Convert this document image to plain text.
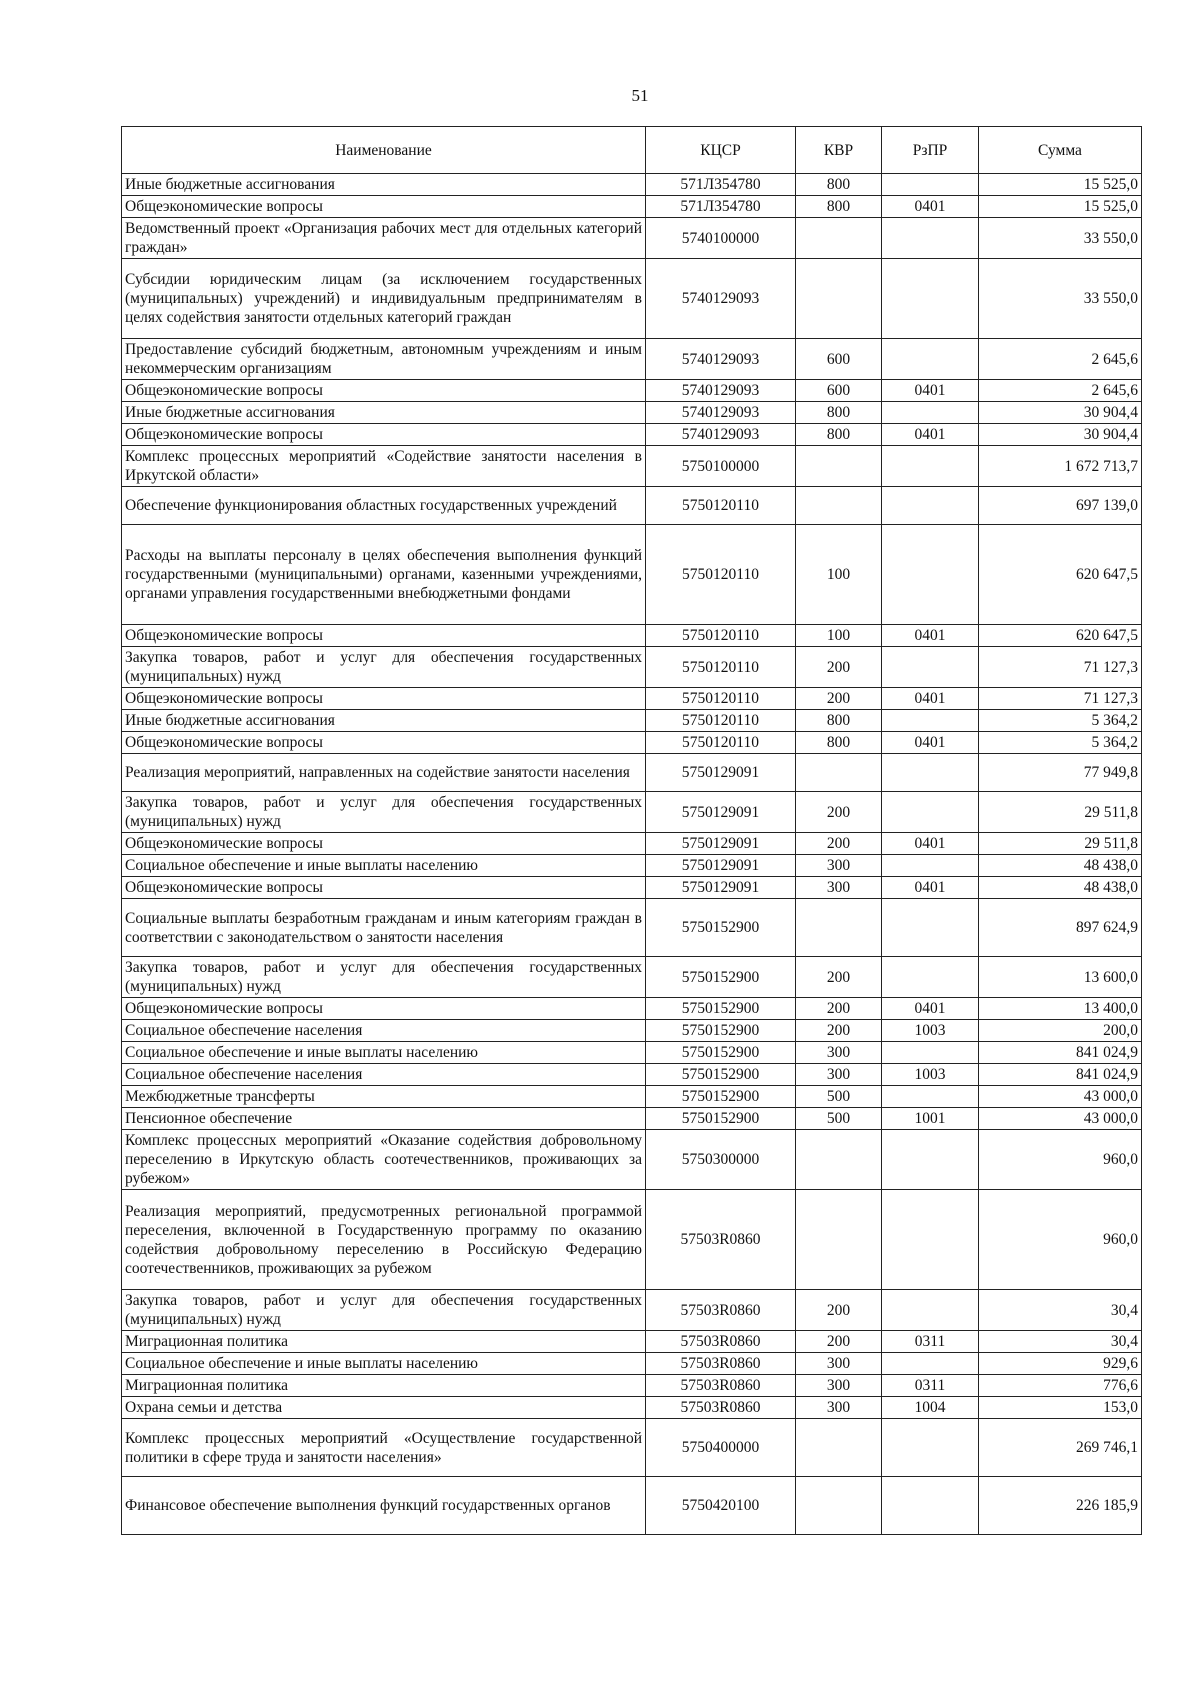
51
Наименование	КЦСР	КВР	РзПР	Сумма
Иные бюджетные ассигнования	571Л354780	800		15 525,0
Общеэкономические вопросы	571Л354780	800	0401	15 525,0
Ведомственный проект «Организация рабочих мест для отдельных категорий граждан»	5740100000			33 550,0
Субсидии юридическим лицам (за исключением государственных (муниципальных) учреждений) и индивидуальным предпринимателям в целях содействия занятости отдельных категорий граждан	5740129093			33 550,0
Предоставление субсидий бюджетным, автономным учреждениям и иным некоммерческим организациям	5740129093	600		2 645,6
Общеэкономические вопросы	5740129093	600	0401	2 645,6
Иные бюджетные ассигнования	5740129093	800		30 904,4
Общеэкономические вопросы	5740129093	800	0401	30 904,4
Комплекс процессных мероприятий «Содействие занятости населения в Иркутской области»	5750100000			1 672 713,7
Обеспечение функционирования областных государственных учреждений	5750120110			697 139,0
Расходы на выплаты персоналу в целях обеспечения выполнения функций государственными (муниципальными) органами, казенными учреждениями, органами управления государственными внебюджетными фондами	5750120110	100		620 647,5
Общеэкономические вопросы	5750120110	100	0401	620 647,5
Закупка товаров, работ и услуг для обеспечения государственных (муниципальных) нужд	5750120110	200		71 127,3
Общеэкономические вопросы	5750120110	200	0401	71 127,3
Иные бюджетные ассигнования	5750120110	800		5 364,2
Общеэкономические вопросы	5750120110	800	0401	5 364,2
Реализация мероприятий, направленных на содействие занятости населения	5750129091			77 949,8
Закупка товаров, работ и услуг для обеспечения государственных (муниципальных) нужд	5750129091	200		29 511,8
Общеэкономические вопросы	5750129091	200	0401	29 511,8
Социальное обеспечение и иные выплаты населению	5750129091	300		48 438,0
Общеэкономические вопросы	5750129091	300	0401	48 438,0
Социальные выплаты безработным гражданам и иным категориям граждан в соответствии с законодательством о занятости населения	5750152900			897 624,9
Закупка товаров, работ и услуг для обеспечения государственных (муниципальных) нужд	5750152900	200		13 600,0
Общеэкономические вопросы	5750152900	200	0401	13 400,0
Социальное обеспечение населения	5750152900	200	1003	200,0
Социальное обеспечение и иные выплаты населению	5750152900	300		841 024,9
Социальное обеспечение населения	5750152900	300	1003	841 024,9
Межбюджетные трансферты	5750152900	500		43 000,0
Пенсионное обеспечение	5750152900	500	1001	43 000,0
Комплекс процессных мероприятий «Оказание содействия добровольному переселению в Иркутскую область соотечественников, проживающих за рубежом»	5750300000			960,0
Реализация мероприятий, предусмотренных региональной программой переселения, включенной в Государственную программу по оказанию содействия добровольному переселению в Российскую Федерацию соотечественников, проживающих за рубежом	57503R0860			960,0
Закупка товаров, работ и услуг для обеспечения государственных (муниципальных) нужд	57503R0860	200		30,4
Миграционная политика	57503R0860	200	0311	30,4
Социальное обеспечение и иные выплаты населению	57503R0860	300		929,6
Миграционная политика	57503R0860	300	0311	776,6
Охрана семьи и детства	57503R0860	300	1004	153,0
Комплекс процессных мероприятий «Осуществление государственной политики в сфере труда и занятости населения»	5750400000			269 746,1
Финансовое обеспечение выполнения функций государственных органов	5750420100			226 185,9
